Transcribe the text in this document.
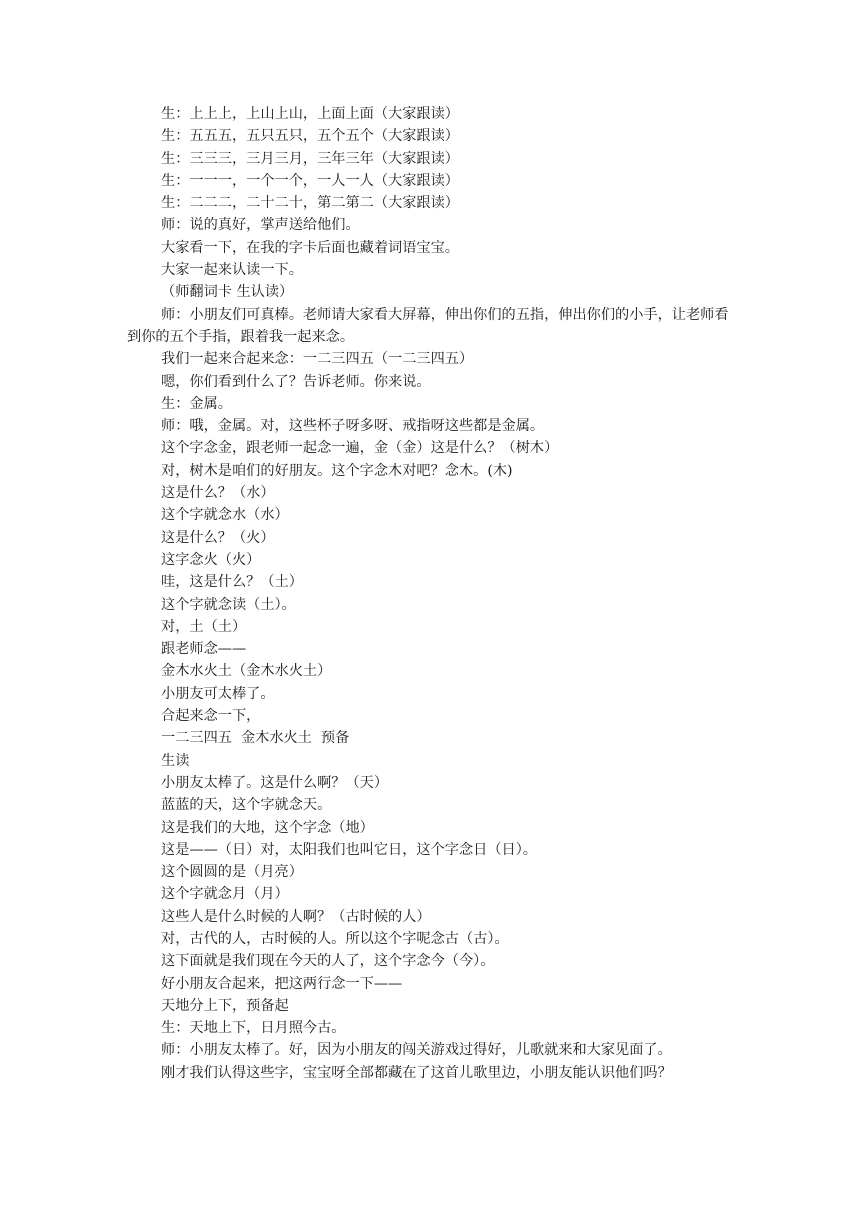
生：上上上，上山上山，上面上面（大家跟读）

生：五五五，五只五只，五个五个（大家跟读）

生：三三三，三月三月，三年三年（大家跟读）

生：一一一，一个一个，一人一人（大家跟读）

生：二二二，二十二十，第二第二（大家跟读）

师：说的真好，掌声送给他们。

大家看一下，在我的字卡后面也藏着词语宝宝。

大家一起来认读一下。

（师翻词卡 生认读）

师：小朋友们可真棒。老师请大家看大屏幕，伸出你们的五指，伸出你们的小手，让老师看到你的五个手指，跟着我一起来念。

我们一起来合起来念：一二三四五（一二三四五）

嗯，你们看到什么了？告诉老师。你来说。

生：金属。

师：哦，金属。对，这些杯子呀多呀、戒指呀这些都是金属。

这个字念金，跟老师一起念一遍，金（金）这是什么？（树木）

对，树木是咱们的好朋友。这个字念木对吧？念木。(木)

这是什么？（水）

这个字就念水（水）

这是什么？（火）

这字念火（火）

哇，这是什么？（土）

这个字就念读（土）。

对，土（土）

跟老师念——

金木水火土（金木水火土）

小朋友可太棒了。

合起来念一下，

一二三四五  金木水火土  预备

生读

小朋友太棒了。这是什么啊？（天）

蓝蓝的天，这个字就念天。

这是我们的大地，这个字念（地）

这是——（日）对，太阳我们也叫它日，这个字念日（日）。

这个圆圆的是（月亮）

这个字就念月（月）

这些人是什么时候的人啊？（古时候的人）

对，古代的人，古时候的人。所以这个字呢念古（古）。

这下面就是我们现在今天的人了，这个字念今（今）。

好小朋友合起来，把这两行念一下——

天地分上下，预备起

生：天地上下，日月照今古。

师：小朋友太棒了。好，因为小朋友的闯关游戏过得好，儿歌就来和大家见面了。

刚才我们认得这些字，宝宝呀全部都藏在了这首儿歌里边，小朋友能认识他们吗？
